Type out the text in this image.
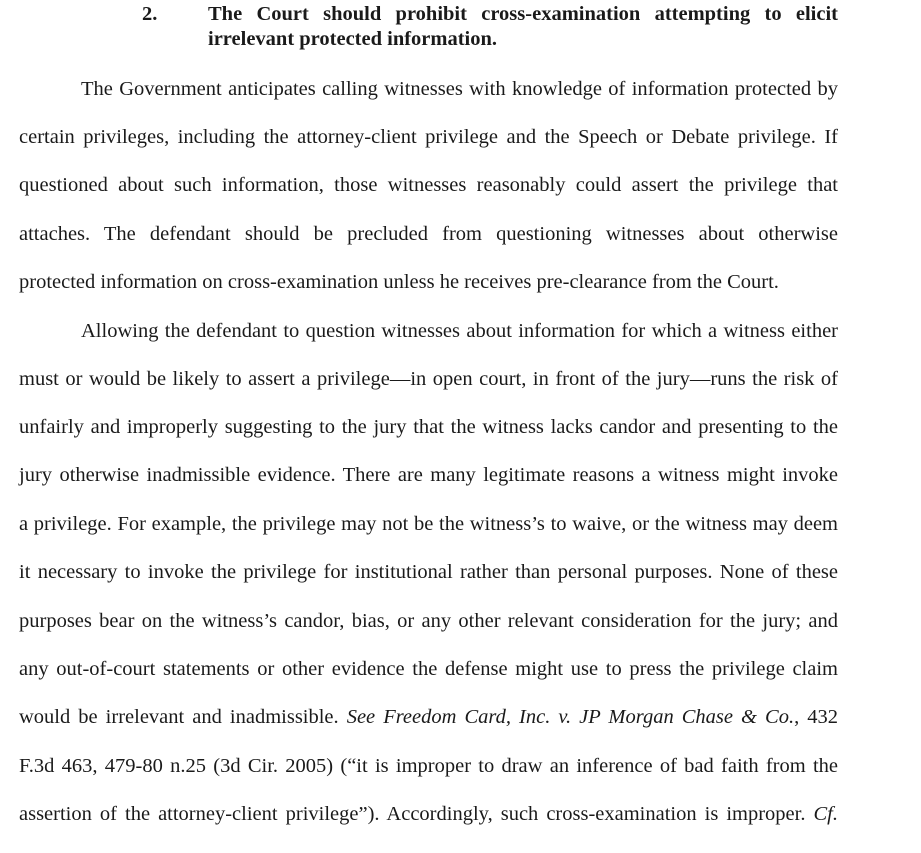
2. The Court should prohibit cross-examination attempting to elicit irrelevant protected information.
The Government anticipates calling witnesses with knowledge of information protected by
certain privileges, including the attorney-client privilege and the Speech or Debate privilege. If
questioned about such information, those witnesses reasonably could assert the privilege that
attaches. The defendant should be precluded from questioning witnesses about otherwise
protected information on cross-examination unless he receives pre-clearance from the Court.
Allowing the defendant to question witnesses about information for which a witness either
must or would be likely to assert a privilege—in open court, in front of the jury—runs the risk of
unfairly and improperly suggesting to the jury that the witness lacks candor and presenting to the
jury otherwise inadmissible evidence. There are many legitimate reasons a witness might invoke
a privilege. For example, the privilege may not be the witness’s to waive, or the witness may deem
it necessary to invoke the privilege for institutional rather than personal purposes. None of these
purposes bear on the witness’s candor, bias, or any other relevant consideration for the jury; and
any out-of-court statements or other evidence the defense might use to press the privilege claim
would be irrelevant and inadmissible. See Freedom Card, Inc. v. JP Morgan Chase & Co., 432
F.3d 463, 479-80 n.25 (3d Cir. 2005) (“it is improper to draw an inference of bad faith from the
assertion of the attorney-client privilege”). Accordingly, such cross-examination is improper. Cf.
